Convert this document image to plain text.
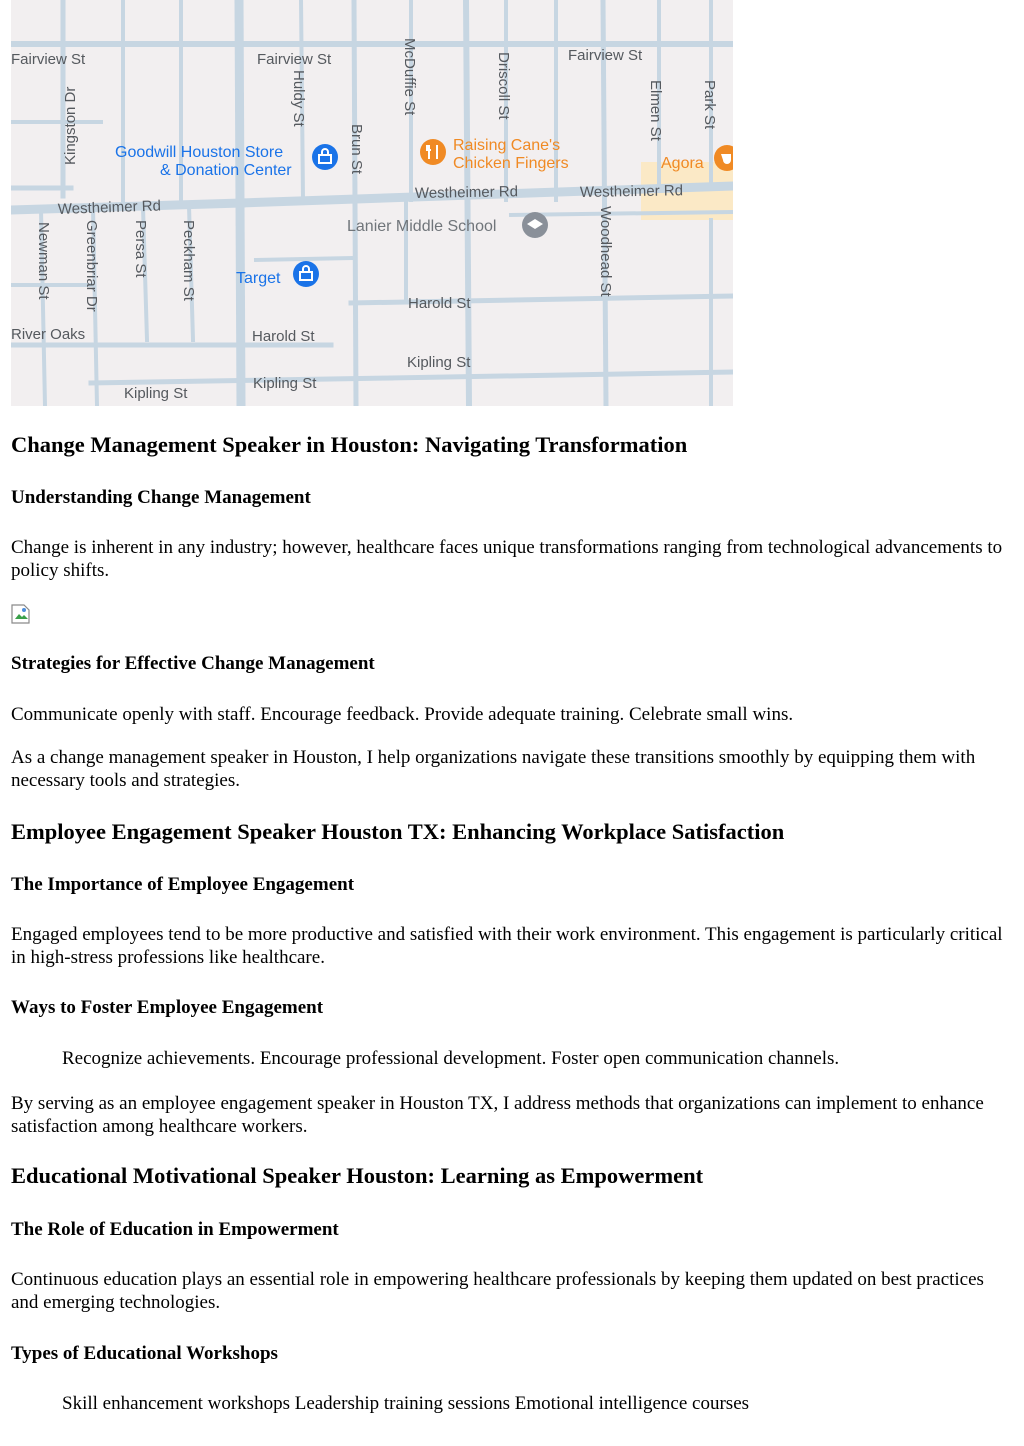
Fairview St	Fairview St	Fairview St
Kingston Dr	Huldy St	McDuffie St	Driscoll St	Elmen St Park St
Brun St
Westheimer Rd
Westheimer Rd	Westheimer Rd
Newman St Greenbriar Dr Persa St Peckham St	Woodhead St
Harold St
Harold St
Kipling St
Kipling St
Kipling St
River Oaks
Goodwill Houston Store
& Donation Center
Raising Cane's
Chicken Fingers	Agora
Lanier Middle School
Target
Change Management Speaker in Houston: Navigating Transformation
Understanding Change Management

Change is inherent in any industry; however, healthcare faces unique transformations ranging from technological advancements to policy shifts.

Strategies for Effective Change Management

Communicate openly with staff. Encourage feedback. Provide adequate training. Celebrate small wins.

As a change management speaker in Houston, I help organizations navigate these transitions smoothly by equipping them with necessary tools and strategies.

Employee Engagement Speaker Houston TX: Enhancing Workplace Satisfaction
The Importance of Employee Engagement

Engaged employees tend to be more productive and satisfied with their work environment. This engagement is particularly critical in high-stress professions like healthcare.

Ways to Foster Employee Engagement

Recognize achievements. Encourage professional development. Foster open communication channels.

By serving as an employee engagement speaker in Houston TX, I address methods that organizations can implement to enhance satisfaction among healthcare workers.

Educational Motivational Speaker Houston: Learning as Empowerment
The Role of Education in Empowerment

Continuous education plays an essential role in empowering healthcare professionals by keeping them updated on best practices and emerging technologies.

Types of Educational Workshops

Skill enhancement workshops Leadership training sessions Emotional intelligence courses
